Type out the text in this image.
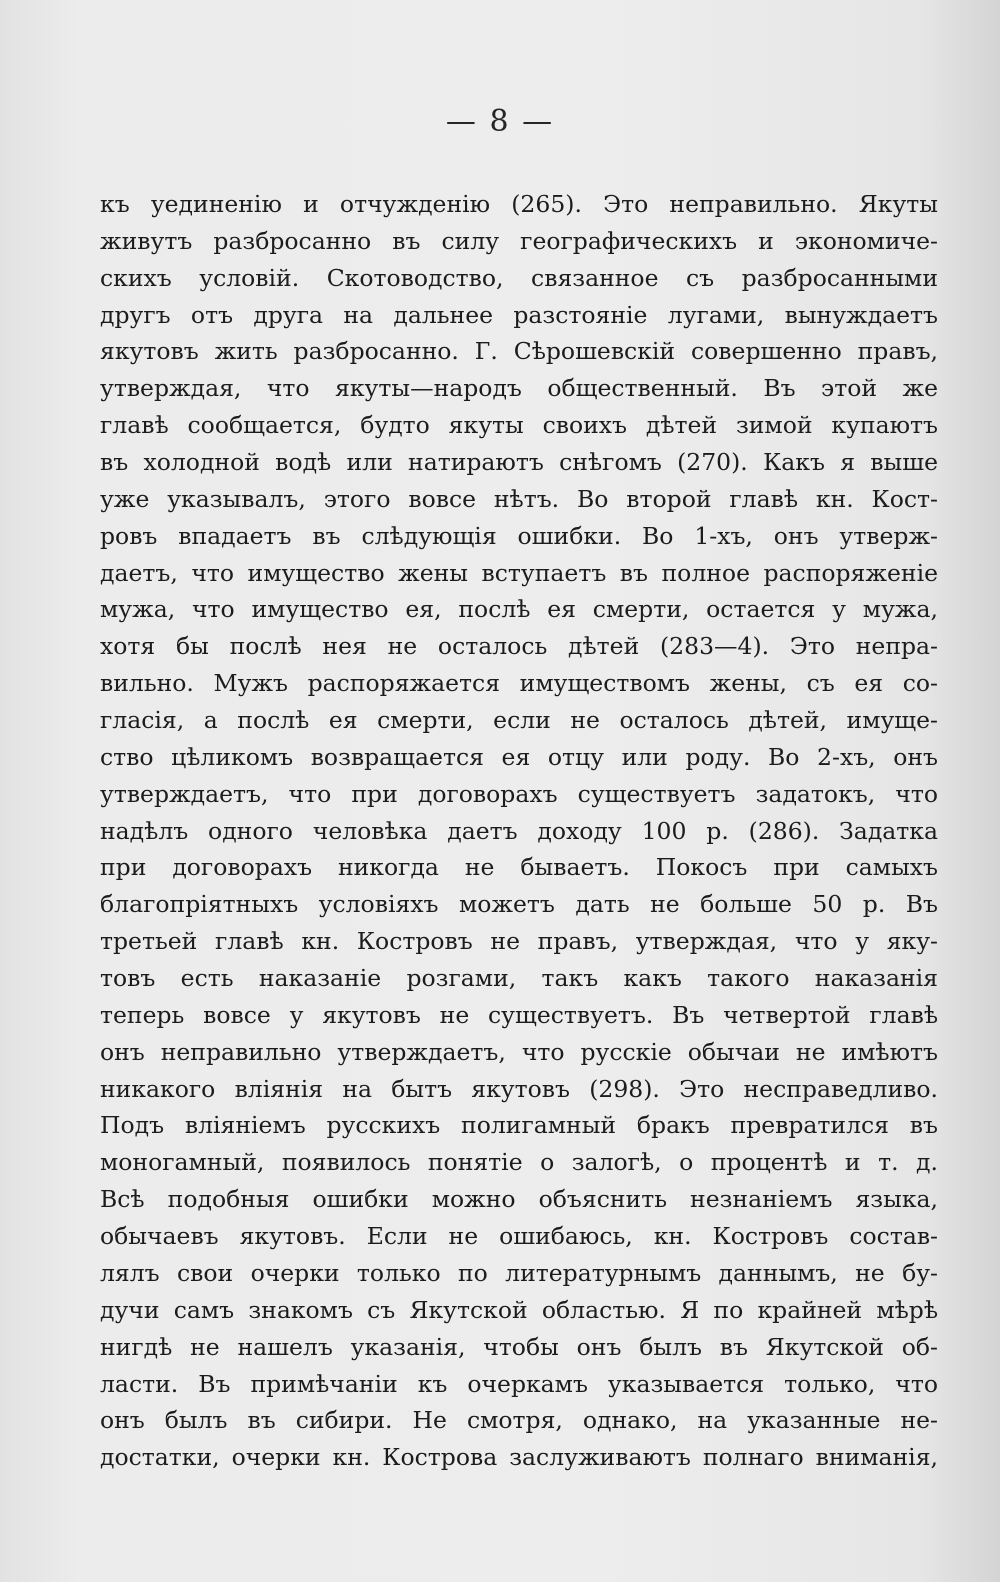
— 8 —
къ уединенiю и отчужденiю (265). Это неправильно. Якуты
живутъ разбросанно въ силу географическихъ и экономиче-
скихъ условiй. Скотоводство, связанное съ разбросанными
другъ отъ друга на дальнее разстоянiе лугами, вынуждаетъ
якутовъ жить разбросанно. Г. Сѣрошевскiй совершенно правъ,
утверждая, что якуты—народъ общественный. Въ этой же
главѣ сообщается, будто якуты своихъ дѣтей зимой купаютъ
въ холодной водѣ или натираютъ снѣгомъ (270). Какъ я выше
уже указывалъ, этого вовсе нѣтъ. Во второй главѣ кн. Кост-
ровъ впадаетъ въ слѣдующiя ошибки. Во 1-хъ, онъ утверж-
даетъ, что имущество жены вступаетъ въ полное распоряженiе
мужа, что имущество ея, послѣ ея смерти, остается у мужа,
хотя бы послѣ нея не осталось дѣтей (283—4). Это непра-
вильно. Мужъ распоряжается имуществомъ жены, съ ея со-
гласiя, а послѣ ея смерти, если не осталось дѣтей, имуще-
ство цѣликомъ возвращается ея отцу или роду. Во 2-хъ, онъ
утверждаетъ, что при договорахъ существуетъ задатокъ, что
надѣлъ одного человѣка даетъ доходу 100 р. (286). Задатка
при договорахъ никогда не бываетъ. Покосъ при самыхъ
благопрiятныхъ условiяхъ можетъ дать не больше 50 р. Въ
третьей главѣ кн. Костровъ не правъ, утверждая, что у яку-
товъ есть наказанiе розгами, такъ какъ такого наказанiя
теперь вовсе у якутовъ не существуетъ. Въ четвертой главѣ
онъ неправильно утверждаетъ, что русскiе обычаи не имѣютъ
никакого влiянiя на бытъ якутовъ (298). Это несправедливо.
Подъ влiянiемъ русскихъ полигамный бракъ превратился въ
моногамный, появилось понятiе о залогѣ, о процентѣ и т. д.
Всѣ подобныя ошибки можно объяснить незнанiемъ языка,
обычаевъ якутовъ. Если не ошибаюсь, кн. Костровъ состав-
лялъ свои очерки только по литературнымъ даннымъ, не бу-
дучи самъ знакомъ съ Якутской областью. Я по крайней мѣрѣ
нигдѣ не нашелъ указанiя, чтобы онъ былъ въ Якутской об-
ласти. Въ примѣчанiи къ очеркамъ указывается только, что
онъ былъ въ сибири. Не смотря, однако, на указанные не-
достатки, очерки кн. Кострова заслуживаютъ полнаго вниманiя,
